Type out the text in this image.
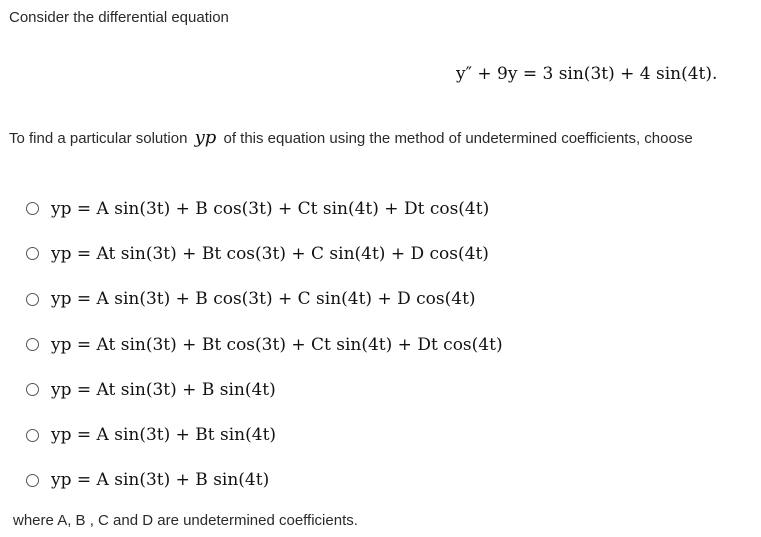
Consider the differential equation
y″ + 9y = 3 sin(3t) + 4 sin(4t).
To find a particular solution yp of this equation using the method of undetermined coefficients, choose
yp = A sin(3t) + B cos(3t) + Ct sin(4t) + Dt cos(4t)
yp = At sin(3t) + Bt cos(3t) + C sin(4t) + D cos(4t)
yp = A sin(3t) + B cos(3t) + C sin(4t) + D cos(4t)
yp = At sin(3t) + Bt cos(3t) + Ct sin(4t) + Dt cos(4t)
yp = At sin(3t) + B sin(4t)
yp = A sin(3t) + Bt sin(4t)
yp = A sin(3t) + B sin(4t)
where A, B , C and D are undetermined coefficients.
